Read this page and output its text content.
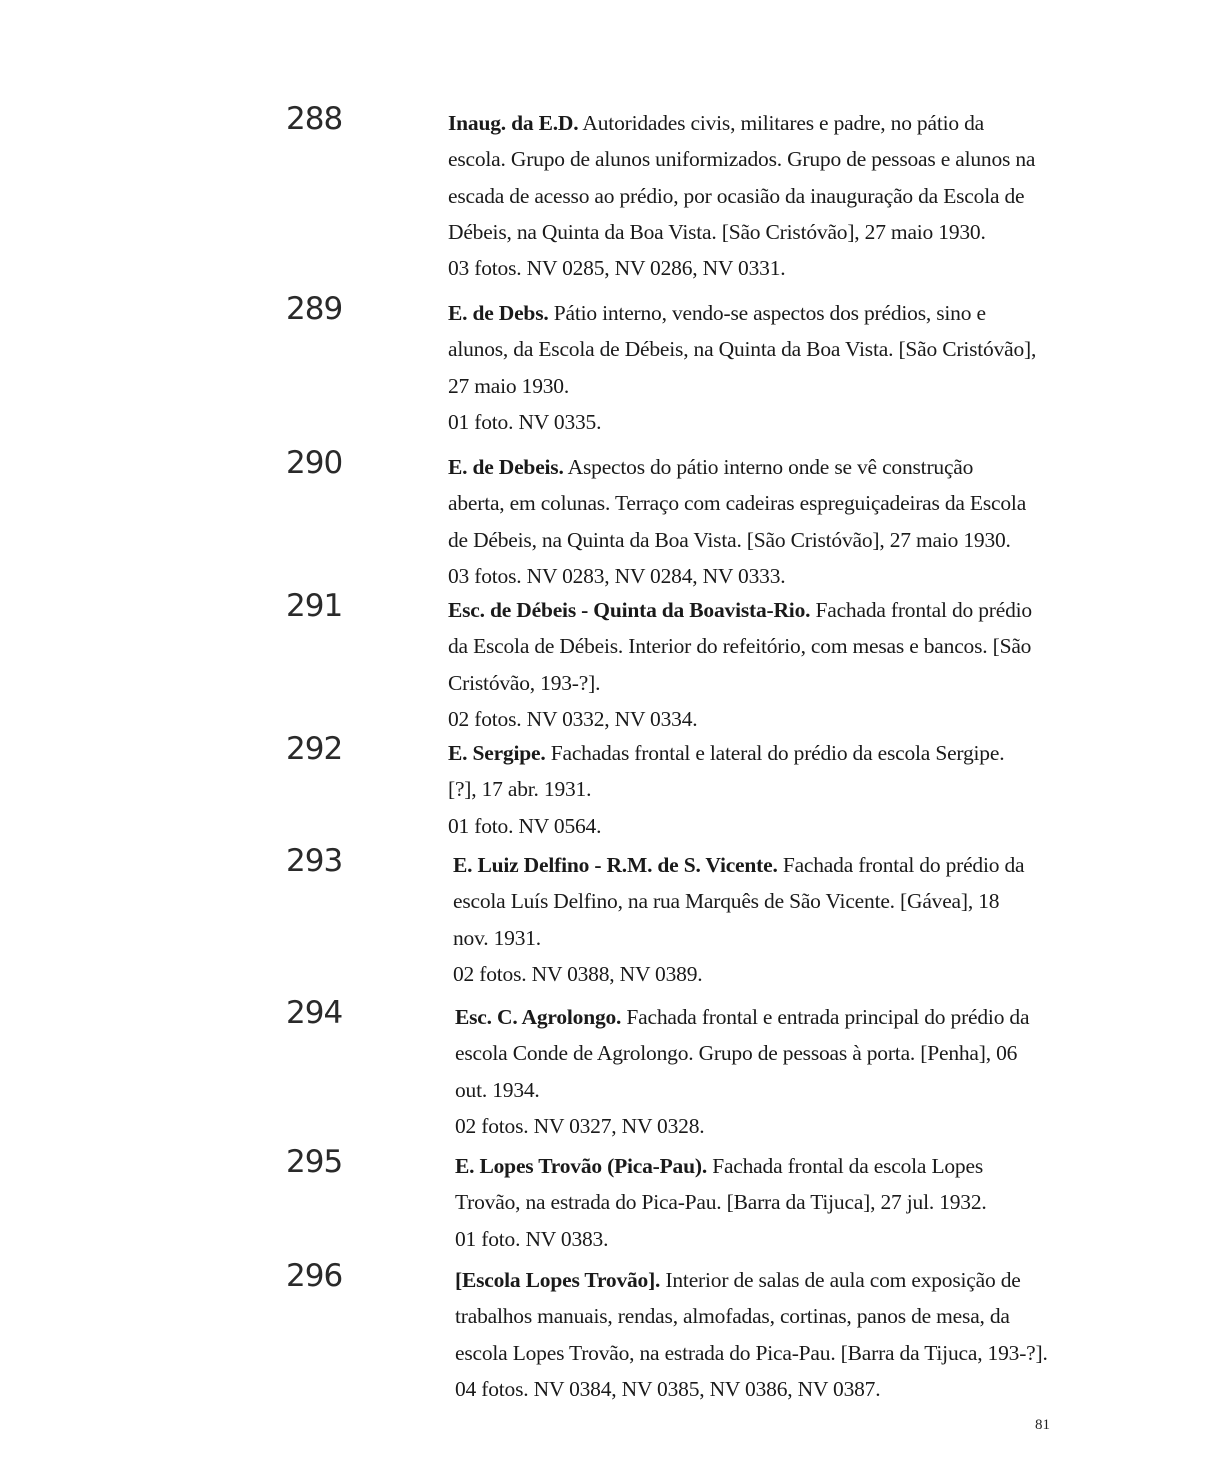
288	Inaug. da E.D. Autoridades civis, militares e padre, no pátio da
escola. Grupo de alunos uniformizados. Grupo de pessoas e alunos na
escada de acesso ao prédio, por ocasião da inauguração da Escola de
Débeis, na Quinta da Boa Vista. [São Cristóvão], 27 maio 1930.
03 fotos. NV 0285, NV 0286, NV 0331.
289	E. de Debs. Pátio interno, vendo-se aspectos dos prédios, sino e
alunos, da Escola de Débeis, na Quinta da Boa Vista. [São Cristóvão],
27 maio 1930.
01 foto. NV 0335.
290	E. de Debeis. Aspectos do pátio interno onde se vê construção
aberta, em colunas. Terraço com cadeiras espreguiçadeiras da Escola
de Débeis, na Quinta da Boa Vista. [São Cristóvão], 27 maio 1930.
03 fotos. NV 0283, NV 0284, NV 0333.
291	Esc. de Débeis - Quinta da Boavista-Rio. Fachada frontal do prédio
da Escola de Débeis. Interior do refeitório, com mesas e bancos. [São
Cristóvão, 193-?].
02 fotos. NV 0332, NV 0334.
292	E. Sergipe. Fachadas frontal e lateral do prédio da escola Sergipe.
[?], 17 abr. 1931.
01 foto. NV 0564.
293	E. Luiz Delfino - R.M. de S. Vicente. Fachada frontal do prédio da
escola Luís Delfino, na rua Marquês de São Vicente. [Gávea], 18
nov. 1931.
02 fotos. NV 0388, NV 0389.
294	Esc. C. Agrolongo. Fachada frontal e entrada principal do prédio da
escola Conde de Agrolongo. Grupo de pessoas à porta. [Penha], 06
out. 1934.
02 fotos. NV 0327, NV 0328.
295	E. Lopes Trovão (Pica-Pau). Fachada frontal da escola Lopes
Trovão, na estrada do Pica-Pau. [Barra da Tijuca], 27 jul. 1932.
01 foto. NV 0383.
296	[Escola Lopes Trovão]. Interior de salas de aula com exposição de
trabalhos manuais, rendas, almofadas, cortinas, panos de mesa, da
escola Lopes Trovão, na estrada do Pica-Pau. [Barra da Tijuca, 193-?].
04 fotos. NV 0384, NV 0385, NV 0386, NV 0387.
81
